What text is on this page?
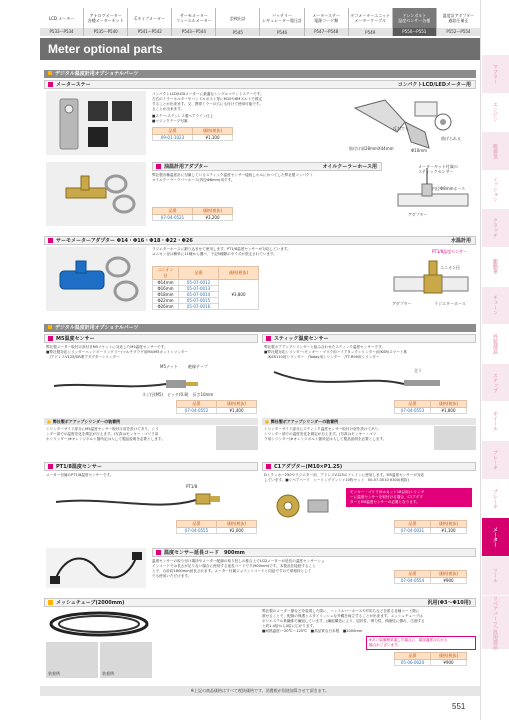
LCD メーター
P533～P534
アナログメーター
各種メーターキット
P535～P540
Cタイプメーター
P541～P542
サーモメーター
フューエルメーター
P543～P544
歪検出計
P545
バッテリー
レギュレーター電圧計
P546
メーターステー
電源コード類
P547～P548
タコメーターユニット
メーターケーブル
P549
ドレンボルト
温度センサー各種
P550～P551
温度計アダプター
過給圧補正
P552～P554
Meter optional parts
マフラー
エンジン
吸排気
ミッション
クラッチ
駆動系
チェーン
外装部品
ステップ
ホイール
ブレーキ
ブレーキ
メーター
ツール
リペアパーツ/ 汎用部品
デジタル温度計用オプショナルパーツ
メーターステー	コンパクトLCD/LEDメーター用
コンパクトLCD/LEDメーターに最適なシングルマウントステーです。
左右のミラーホルダーやハンドルポスト等にM10や8Mボルトで固定
することが出来ます。又、携帯ミラーの穴にも付けて使用可能です。
ることが出来ます。
■ステー:ステンレス製ヘアライン仕上
■マジックテープ付属
品番	価格(税抜)
09-01-1023	¥1,100
貼付け部28mmX44mm
反対でも
曲げられる
Φ10mm
油温計用アダプター	オイルクーラーホース用
弊社製各種温度計に付属しているスティック温度センサー接続しホルにかつてした弊社製コンパクト
オイルクーラーラバーホース(内径Φ8mm)用です。
品番	価格(税抜)
07-04-0521	¥3,200
メーターキット付属の
スティックセンサー
内径Φ8mmホース
アダプター
サーモメーターアダプター Φ14・Φ16・Φ18・Φ22・Φ26	水温計用
ラジエターホースに割り込ませて使用します。PT1/8温度センサーが対応しています。
ユニオン径は簡単に11種から選べ、下記5種類のサイズが設定されています。
ユニオン径	品番	価格(税抜)
Φ14mm	05-07-0012	¥3,800
Φ16mm	05-07-0013	
Φ18mm	05-07-0014	
Φ22mm	05-07-0015	
Φ26mm	05-07-0016	
PT1/8温度センサー
ユニオン径
アダプター	ラジエターホース
デジタル温度計用オプショナルパーツ
M5温度センサー
弊社製メーター取付け部付きM5ソケットに対応したM5温度センサーです。
■弊社製対応シリンダーヘッドボーリングリー/マルチプラグ用M4/M5カットシリンダー
　/アドレスV125/GR系アダプターシリンダー
M5ナット	絶縁テープ
ネジ径(M5)　ピッチ(0.8)　長さ10mm
品番	価格(税抜)
07-04-0552	¥1,400
■ 弊社製ボアアップシリンダーの装着例
シリンダーサイド部分にM5温度センサー取付け部を設けてあり、シリ
ンダー部での温度変化を測定が行えます。(写真はモンキー・ゴリラ用
ホシリンダー)※オレンジボルト箇所記は入して製品説明を必要とします。
スティック温度センサー
弊社製ボアアップシリンダーと組み合わせたスティック温度センサーです。
■弊社製対応シリンダー:モンキー・ゴリラ用ハイアタックシリンダー(用KSR/スマート系
　/KSR110用シリンダー　/Today用シリンダー　/TT-R90用シリンダー
全う
品番	価格(税抜)
07-04-0553	¥1,800
■ 弊社製ボアアップシリンダーの装着例
シリンダーサイド部分にスティック温度センサー取付け部を設けてあり、
シリンダー部での温度変化を測定が行えます。(写真はモンキー・ゴリ
ラ用シリンダー)※オレンジボルト箇所記は入して製品説明を必要とします。
PT1/8温度センサー
メーター付属のPT1/8温度センサーです。
PT1/8
品番	価格(税抜)
07-04-0555	¥2,000
C1アダプター(M10×P1.25)
Dトラッカー250やラジエター用、アドレスV125のドレインに使用します。M5温度センサーが対応
しています。■リペアパーツ　シーリングワッシャ10枚セット　00-07-0010 ¥300(税抜)
モンキー・ゴリラ(5ルカット18以用)シリンダ
ーに温度センサーを取付ける場合、C1アダプ
ターとM5温度センサーの必要となります。
品番	価格(税抜)
07-04-0031	¥1,100
温度センサー延長コード　900mm
温度センサーの取り付け場所やメーター配線の取り回しの都合上でLCDメーターが延長の温度センサーショ
インコードでは長さが足りない場合に使用する延長コードです(900mm)です。本製品を接続すること
とで、合計約1800mm延長されます。メーター付属ジョイントコードと同品ですので被相持として
でも使用いただけます。	品番	価格(税抜)
07-04-0554	¥900
メッシュチューブ(2000mm)	汎用(Φ3～Φ10用)
装着例	装着例
弊社製のメーター類などを装着した際に、ハンドルバーホースやIT用ちなどを派る各種コード類に
被せることで、配線の保護とスタイリッシュな外観を両立することが出来ます。メッシュチューブは
ポリエステル系繊維で編組しています。(編組構造により、屈折性、弾力性、伸縮性に優れ、広縮する
と約1.4倍から4倍に広がります。
■耐熱温度:−20℃～120℃　■高品質な日本製　■2000mm
※あい装備簡単違した場合に、端部適度は広がる
場合がございます。
品番	価格(税抜)
05-06-0020	¥900
※上記の商品価格はすべて税抜価格です。消費税が別途加算させて頂きます。
551
